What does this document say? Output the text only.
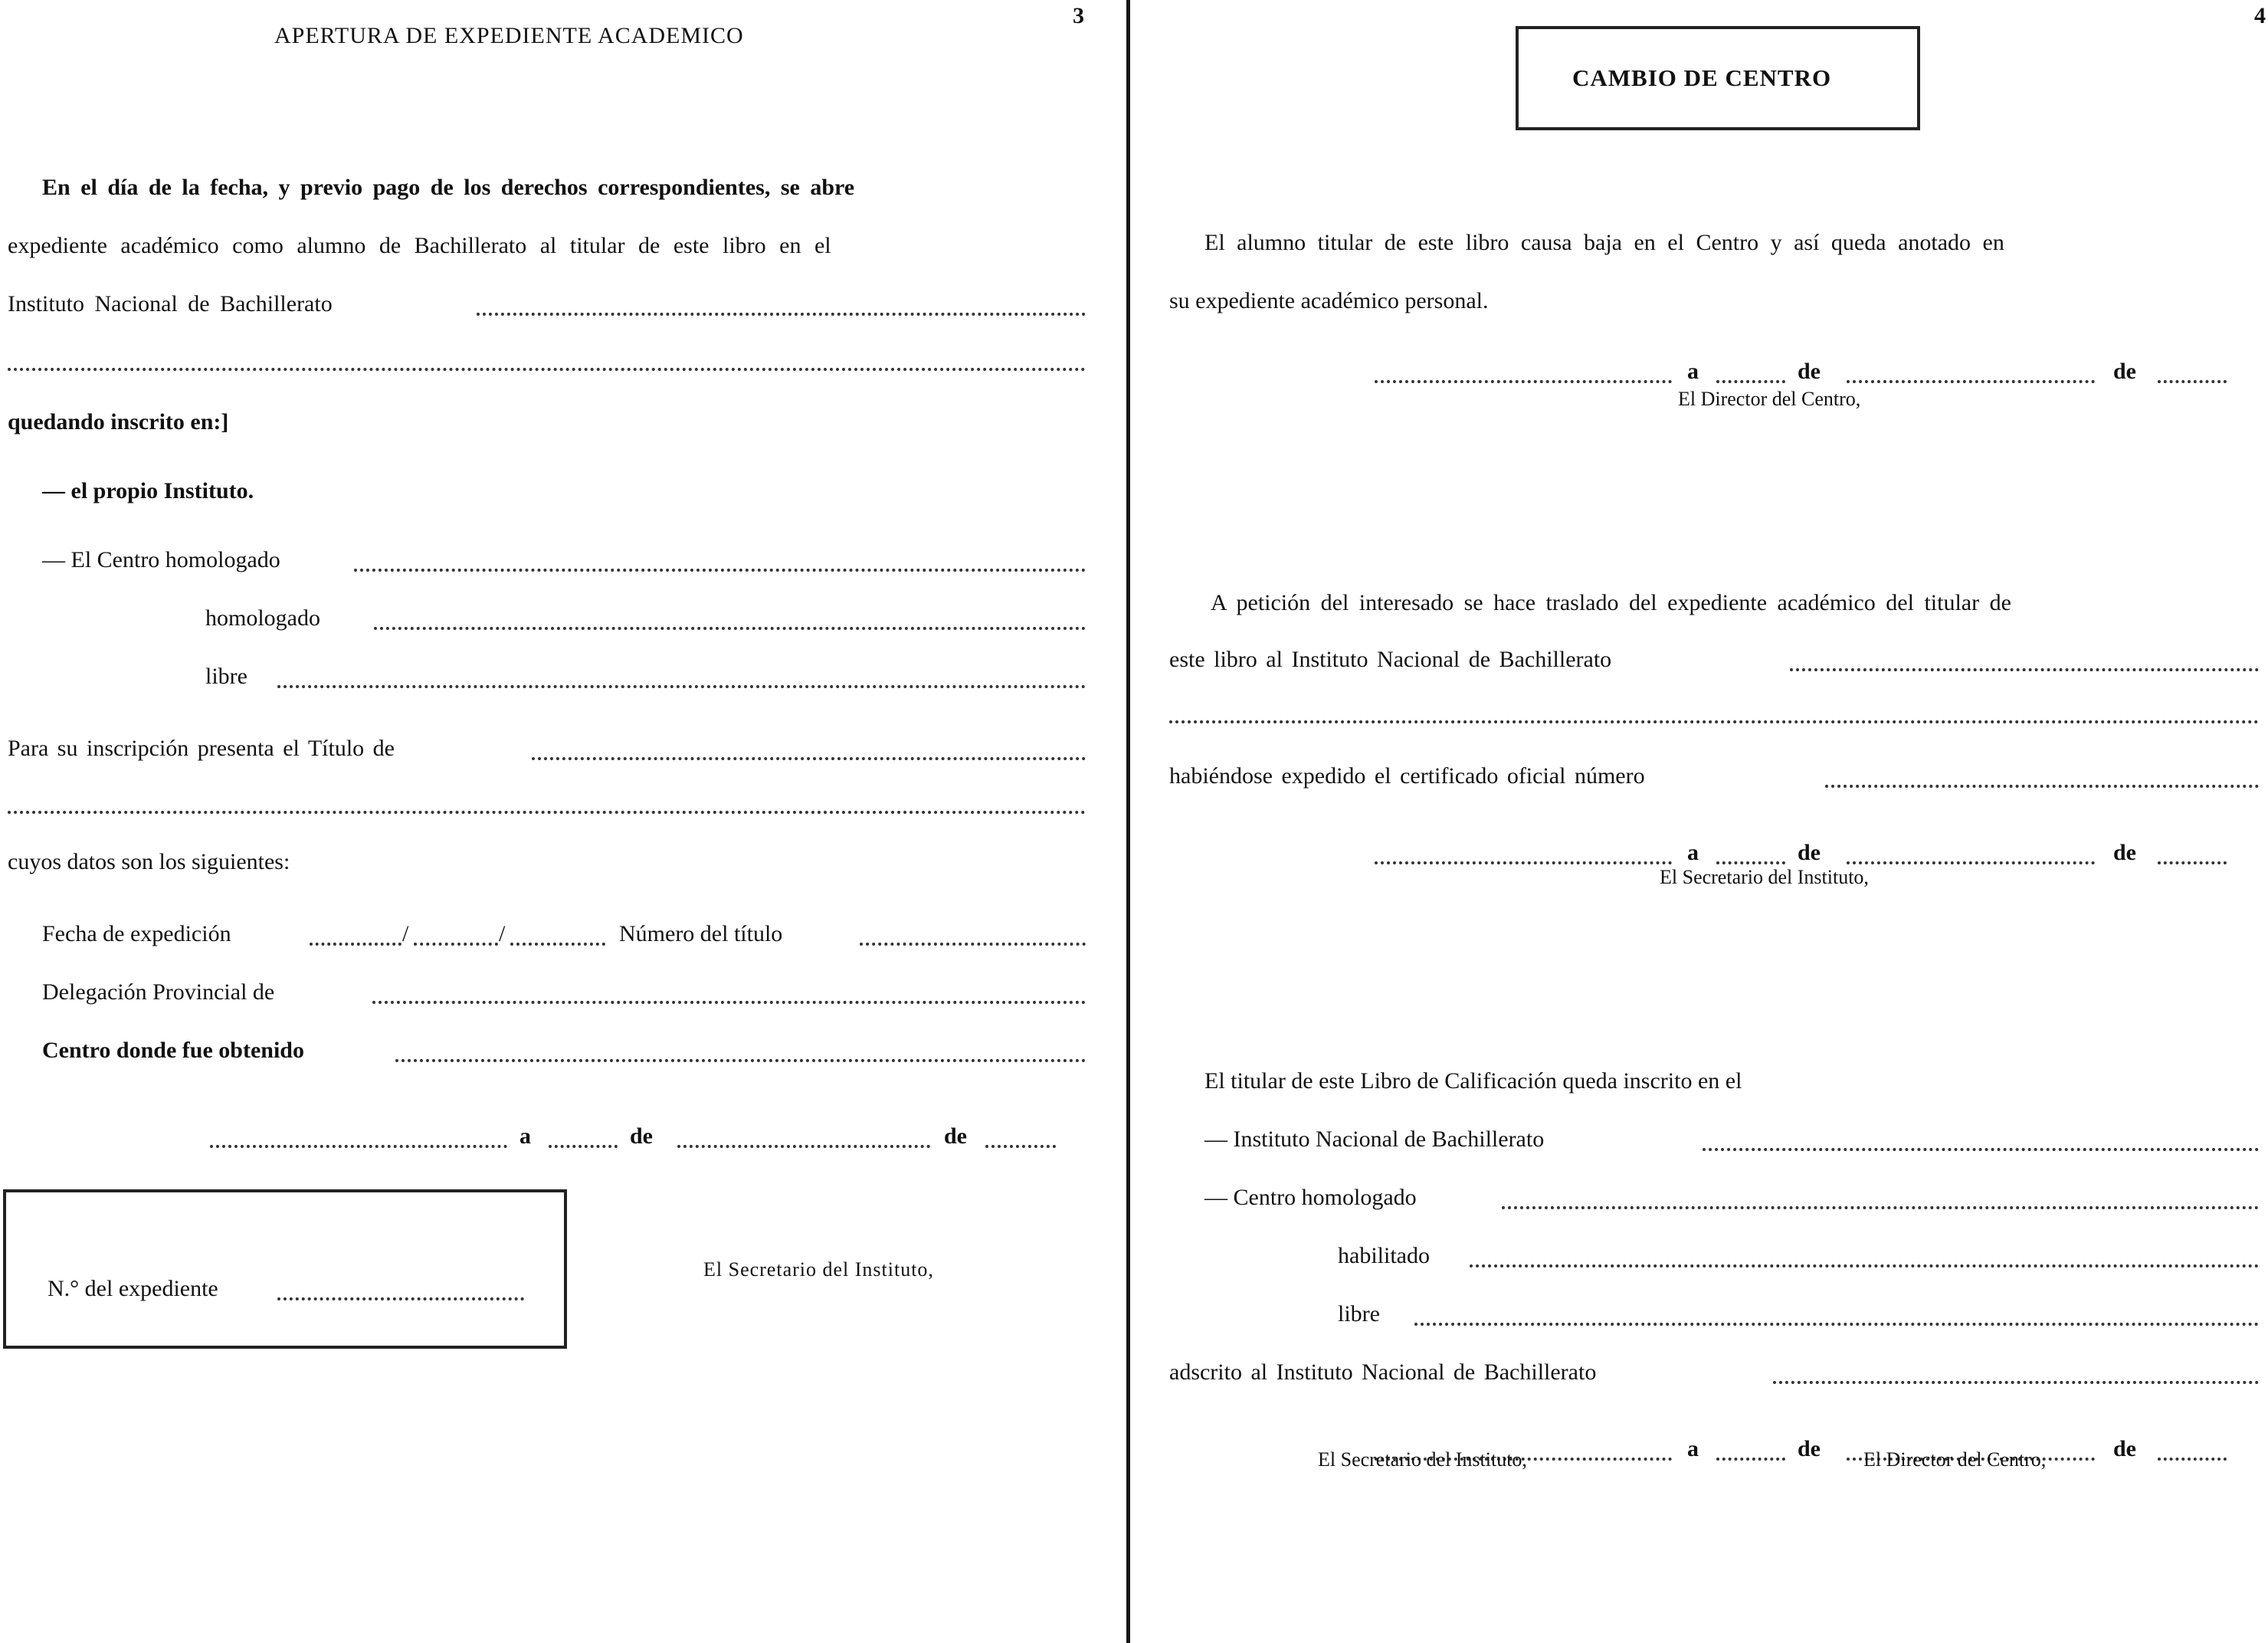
3
APERTURA DE EXPEDIENTE ACADEMICO
En el día de la fecha, y previo pago de los derechos correspondientes, se abre
expediente académico como alumno de Bachillerato al titular de este libro en el
Instituto Nacional de Bachillerato
quedando inscrito en:]
— el propio Instituto.
— El Centro homologado
homologado
libre
Para su inscripción presenta el Título de
cuyos datos son los siguientes:
Fecha de expedición	/	/	Número del título
Delegación Provincial de
Centro donde fue obtenido
a	de	de
N.° del expediente
El Secretario del Instituto,
4
CAMBIO DE CENTRO
El alumno titular de este libro causa baja en el Centro y así queda anotado en
su expediente académico personal.
a	de	de
El Director del Centro,
A petición del interesado se hace traslado del expediente académico del titular de
este libro al Instituto Nacional de Bachillerato
habiéndose expedido el certificado oficial número
a	de	de
El Secretario del Instituto,
El titular de este Libro de Calificación queda inscrito en el
— Instituto Nacional de Bachillerato
— Centro homologado
habilitado
libre
adscrito al Instituto Nacional de Bachillerato
a	de	de
El Secretario del Instituto,	El Director del Centro,
